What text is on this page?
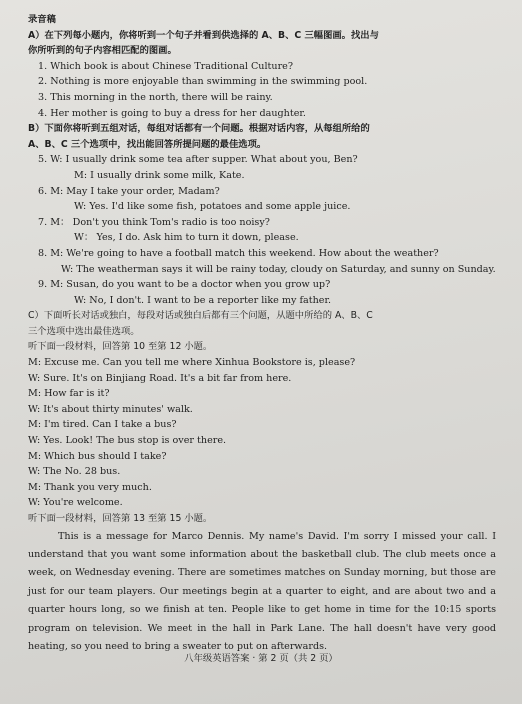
录音稿
A）在下列每小题内，你将听到一个句子并看到供选择的 A、B、C 三幅图画。找出与
你所听到的句子内容相匹配的图画。
1. Which book is about Chinese Traditional Culture?
2. Nothing is more enjoyable than swimming in the swimming pool.
3. This morning in the north, there will be rainy.
4. Her mother is going to buy a dress for her daughter.
B）下面你将听到五组对话，每组对话都有一个问题。根据对话内容，从每组所给的
A、B、C 三个选项中，找出能回答所提问题的最佳选项。
5. W: I usually drink some tea after supper. What about you, Ben?
M: I usually drink some milk, Kate.
6. M: May I take your order, Madam?
W: Yes. I'd like some fish, potatoes and some apple juice.
7. M： Don't you think Tom's radio is too noisy?
W： Yes, I do. Ask him to turn it down, please.
8. M: We're going to have a football match this weekend. How about the weather?
W: The weatherman says it will be rainy today, cloudy on Saturday, and sunny on Sunday.
9. M: Susan, do you want to be a doctor when you grow up?
W: No, I don't. I want to be a reporter like my father.
C）下面听长对话或独白，每段对话或独白后都有三个问题，从题中所给的 A、B、C
三个选项中选出最佳选项。
听下面一段材料，回答第 10 至第 12 小题。
M: Excuse me. Can you tell me where Xinhua Bookstore is, please?
W: Sure. It's on Binjiang Road. It's a bit far from here.
M: How far is it?
W: It's about thirty minutes' walk.
M: I'm tired. Can I take a bus?
W: Yes. Look! The bus stop is over there.
M: Which bus should I take?
W: The No. 28 bus.
M: Thank you very much.
W: You're welcome.
听下面一段材料，回答第 13 至第 15 小题。
This is a message for Marco Dennis. My name's David. I'm sorry I missed your call. I understand that you want some information about the basketball club. The club meets once a week, on Wednesday evening. There are sometimes matches on Sunday morning, but those are just for our team players. Our meetings begin at a quarter to eight, and are about two and a quarter hours long, so we finish at ten. People like to get home in time for the 10:15 sports program on television. We meet in the hall in Park Lane. The hall doesn't have very good heating, so you need to bring a sweater to put on afterwards.
八年级英语答案 · 第 2 页（共 2 页）
